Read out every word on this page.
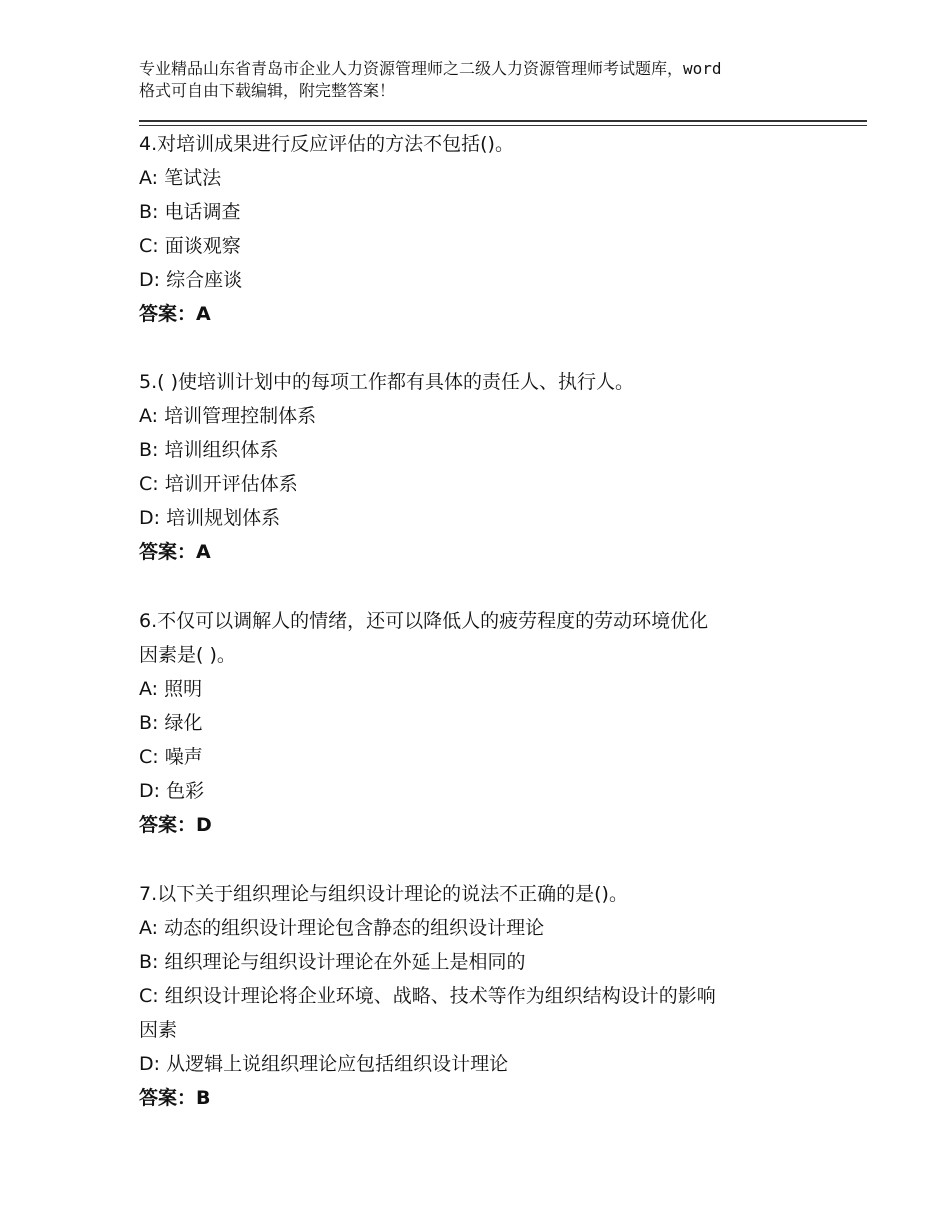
专业精品山东省青岛市企业人力资源管理师之二级人力资源管理师考试题库，word
格式可自由下载编辑，附完整答案！
4.对培训成果进行反应评估的方法不包括()。
A: 笔试法
B: 电话调查
C: 面谈观察
D: 综合座谈
答案：A
5.( )使培训计划中的每项工作都有具体的责任人、执行人。
A: 培训管理控制体系
B: 培训组织体系
C: 培训开评估体系
D: 培训规划体系
答案：A
6.不仅可以调解人的情绪，还可以降低人的疲劳程度的劳动环境优化
因素是( )。
A: 照明
B: 绿化
C: 噪声
D: 色彩
答案：D
7.以下关于组织理论与组织设计理论的说法不正确的是()。
A: 动态的组织设计理论包含静态的组织设计理论
B: 组织理论与组织设计理论在外延上是相同的
C: 组织设计理论将企业环境、战略、技术等作为组织结构设计的影响
因素
D: 从逻辑上说组织理论应包括组织设计理论
答案：B
